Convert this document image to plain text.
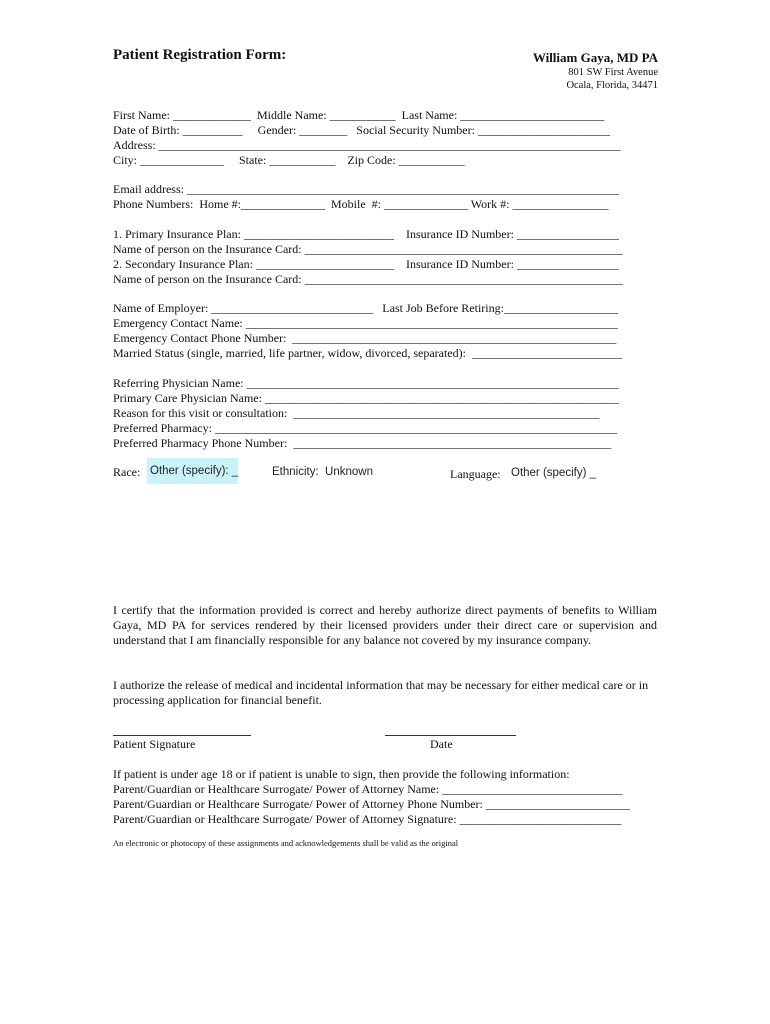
Patient Registration Form:	William Gaya, MD PA
801 SW First Avenue
Ocala, Florida, 34471
First Name: _____________  Middle Name: ___________  Last Name: ________________________
Date of Birth: __________     Gender: ________   Social Security Number: ______________________
Address: _____________________________________________________________________________
City: ______________     State: ___________    Zip Code: ___________
Email address: ________________________________________________________________________
Phone Numbers:  Home #:______________  Mobile  #: ______________ Work #: ________________
1. Primary Insurance Plan: _________________________    Insurance ID Number: _________________
Name of person on the Insurance Card: _____________________________________________________
2. Secondary Insurance Plan: _______________________    Insurance ID Number: _________________
Name of person on the Insurance Card: _____________________________________________________
Name of Employer: ___________________________   Last Job Before Retiring:___________________
Emergency Contact Name: ______________________________________________________________
Emergency Contact Phone Number:  ______________________________________________________
Married Status (single, married, life partner, widow, divorced, separated):  _________________________
Referring Physician Name: ______________________________________________________________
Primary Care Physician Name: ___________________________________________________________
Reason for this visit or consultation:  ___________________________________________________
Preferred Pharmacy: ___________________________________________________________________
Preferred Pharmacy Phone Number:  _____________________________________________________
Race: Other (specify): _	Ethnicity:  Unknown	Language: Other (specify) _
I certify that the information provided is correct and hereby authorize direct payments of benefits to William Gaya, MD PA for services rendered by their licensed providers under their direct care or supervision and understand that I am financially responsible for any balance not covered by my insurance company.
I authorize the release of medical and incidental information that may be necessary for either medical care or in processing application for financial benefit.
Patient Signature	Date
If patient is under age 18 or if patient is unable to sign, then provide the following information:
Parent/Guardian or Healthcare Surrogate/ Power of Attorney Name: ______________________________
Parent/Guardian or Healthcare Surrogate/ Power of Attorney Phone Number: ________________________
Parent/Guardian or Healthcare Surrogate/ Power of Attorney Signature: ___________________________
An electronic or photocopy of these assignments and acknowledgements shall be valid as the original
